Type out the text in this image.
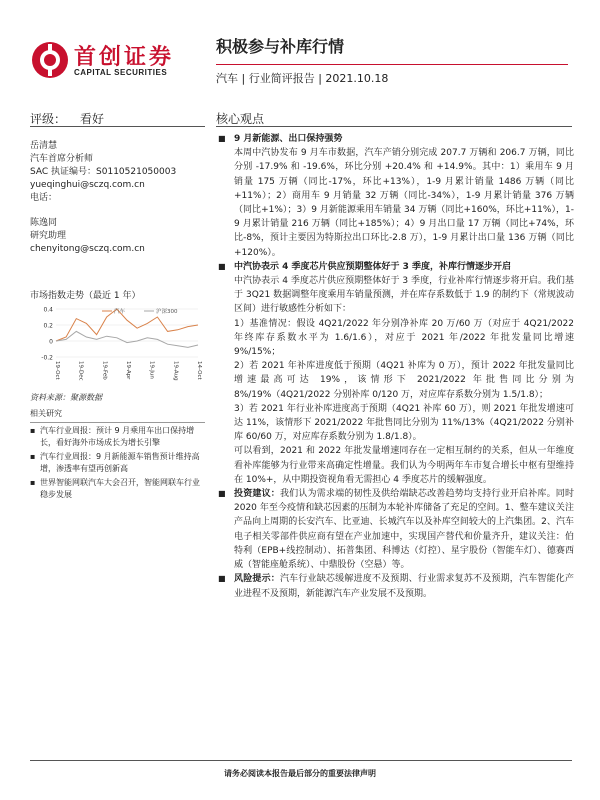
首创证券
CAPITAL SECURITIES
积极参与补库行情
汽车 | 行业简评报告 | 2021.10.18
评级： 看好	核心观点

岳清慧

汽车首席分析师

SAC 执证编号：S0110521050003

yueqinghui@sczq.com.cn

电话：

陈逸同

研究助理

chenyitong@sczq.com.cn

市场指数走势（最近 1 年）
0.4
0.2
0
-0.2
19-Oct	19-Dec	19-Feb	19-Apr	19-Jun	19-Aug	14-Oct
汽车	沪深300
资料来源：聚源数据
相关研究
▪ 汽车行业周报：预计 9 月乘用车出口保持增长，看好海外市场成长为增长引擎
▪ 汽车行业周报：9 月新能源车销售预计维持高增，渗透率有望再创新高
▪ 世界智能网联汽车大会召开，智能网联车行业稳步发展

■ 9 月新能源、出口保持强势

本周中汽协发布 9 月车市数据，汽车产销分别完成 207.7 万辆和 206.7 万辆，同比分别 -17.9% 和 -19.6%，环比分别 +20.4% 和 +14.9%。其中：1）乘用车 9 月销量 175 万辆（同比-17%，环比+13%），1-9 月累计销量 1486 万辆（同比+11%）；2）商用车 9 月销量 32 万辆（同比-34%），1-9 月累计销量 376 万辆（同比+1%）；3）9 月新能源乘用车销量 34 万辆（同比+160%，环比+11%），1-9 月累计销量 216 万辆（同比+185%）；4）9 月出口量 17 万辆（同比+74%，环比-8%，预计主要因为特斯拉出口环比-2.8 万），1-9 月累计出口量 136 万辆（同比+120%）。

■ 中汽协表示 4 季度芯片供应预期整体好于 3 季度，补库行情逐步开启

中汽协表示 4 季度芯片供应预期整体好于 3 季度，行业补库行情逐步将开启。我们基于 3Q21 数据调整年度乘用车销量预测，并在库存系数低于 1.9 的制约下（常规波动区间）进行敏感性分析如下：

1）基准情况：假设 4Q21/2022 年分别净补库 20 万/60 万（对应于 4Q21/2022 年终库存系数水平为 1.6/1.6），对应于 2021 年/2022 年批发量同比增速 9%/15%；

2）若 2021 年补库进度低于预期（4Q21 补库为 0 万），预计 2022 年批发量同比增速最高可达 19%，该情形下 2021/2022 年批售同比分别为 8%/19%（4Q21/2022 分别补库 0/120 万，对应库存系数分别为 1.5/1.8）；

3）若 2021 年行业补库进度高于预期（4Q21 补库 60 万），则 2021 年批发增速可达 11%，该情形下 2021/2022 年批售同比分别为 11%/13%（4Q21/2022 分别补库 60/60 万，对应库存系数分别为 1.8/1.8）。

可以看到，2021 和 2022 年批发量增速同存在一定相互制约的关系，但从一年维度看补库能够为行业带来高确定性增量。我们认为今明两年车市复合增长中枢有望维持在 10%+，从中期投资视角看无需担心 4 季度芯片的缓解强度。

■ 投资建议：我们认为需求端的韧性及供给端缺芯改善趋势均支持行业开启补库。同时 2020 年至今疫情和缺芯因素的压制为本轮补库储备了充足的空间。1、整车建议关注产品向上周期的长安汽车、比亚迪、长城汽车以及补库空间较大的上汽集团。2、汽车电子相关零部件供应商有望在产业加速中，实现国产替代和价量齐升，建议关注：伯特利（EPB+线控制动）、拓普集团、科博达（灯控）、星宇股份（智能车灯）、德赛西威（智能座舱系统）、中鼎股份（空悬）等。

■ 风险提示：汽车行业缺芯缓解进度不及预期、行业需求复苏不及预期，汽车智能化产业进程不及预期，新能源汽车产业发展不及预期。

请务必阅读本报告最后部分的重要法律声明
